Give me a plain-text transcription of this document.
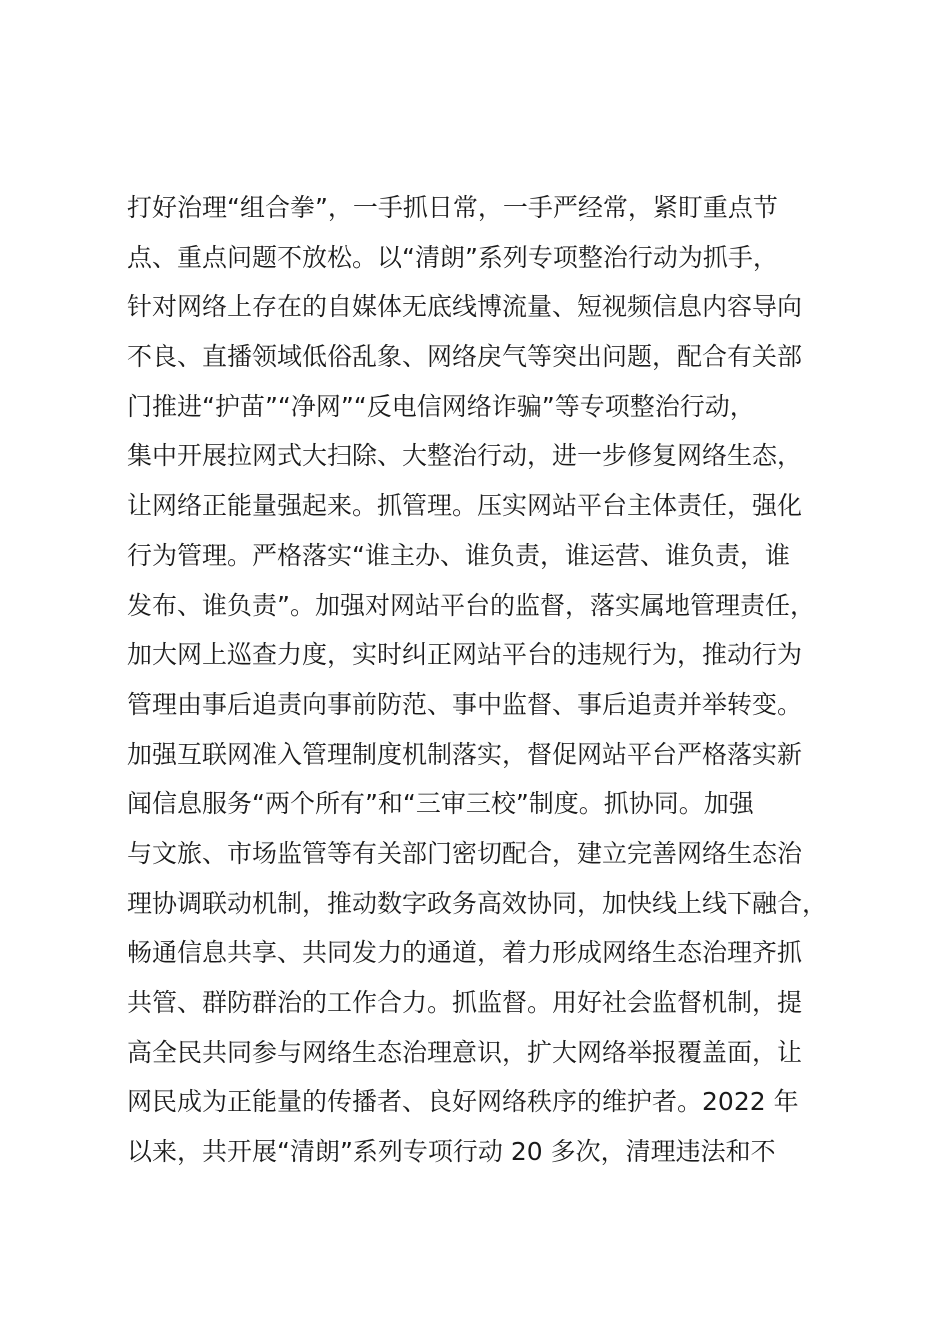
打好治理“组合拳”，一手抓日常，一手严经常，紧盯重点节
点、重点问题不放松。以“清朗”系列专项整治行动为抓手，
针对网络上存在的自媒体无底线博流量、短视频信息内容导向
不良、直播领域低俗乱象、网络戾气等突出问题，配合有关部
门推进“护苗”“净网”“反电信网络诈骗”等专项整治行动，
集中开展拉网式大扫除、大整治行动，进一步修复网络生态，
让网络正能量强起来。抓管理。压实网站平台主体责任，强化
行为管理。严格落实“谁主办、谁负责，谁运营、谁负责，谁
发布、谁负责”。加强对网站平台的监督，落实属地管理责任，
加大网上巡查力度，实时纠正网站平台的违规行为，推动行为
管理由事后追责向事前防范、事中监督、事后追责并举转变。
加强互联网准入管理制度机制落实，督促网站平台严格落实新
闻信息服务“两个所有”和“三审三校”制度。抓协同。加强
与文旅、市场监管等有关部门密切配合，建立完善网络生态治
理协调联动机制，推动数字政务高效协同，加快线上线下融合，
畅通信息共享、共同发力的通道，着力形成网络生态治理齐抓
共管、群防群治的工作合力。抓监督。用好社会监督机制，提
高全民共同参与网络生态治理意识，扩大网络举报覆盖面，让
网民成为正能量的传播者、良好网络秩序的维护者。2022 年
以来，共开展“清朗”系列专项行动 20 多次，清理违法和不
